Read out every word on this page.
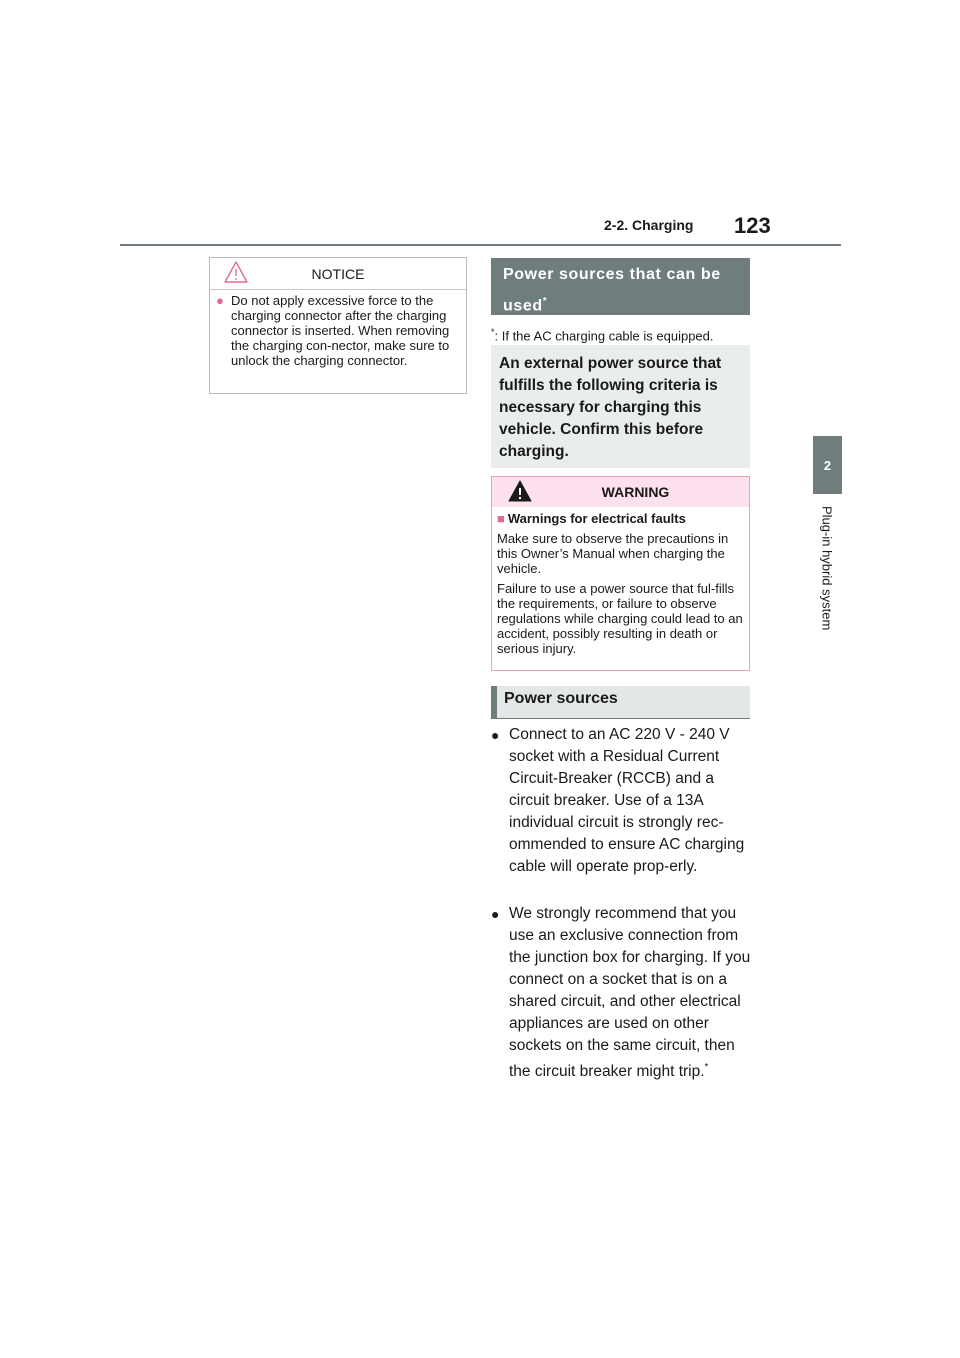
2-2. Charging 123
2
Plug-in hybrid system
NOTICE
● Do not apply excessive force to the charging connector after the charging connector is inserted. When removing the charging con-nector, make sure to unlock the charging connector.
Power sources that can be used*
*: If the AC charging cable is equipped.
An external power source that fulfills the following criteria is necessary for charging this vehicle. Confirm this before charging.
WARNING
■ Warnings for electrical faults

Make sure to observe the precautions in this Owner’s Manual when charging the vehicle.

Failure to use a power source that ful-fills the requirements, or failure to observe regulations while charging could lead to an accident, possibly resulting in death or serious injury.

Power sources
● Connect to an AC 220 V - 240 V socket with a Residual Current Circuit-Breaker (RCCB) and a circuit breaker. Use of a 13A individual circuit is strongly rec-ommended to ensure AC charging cable will operate prop-erly.
● We strongly recommend that you use an exclusive connection from the junction box for charging. If you connect on a socket that is on a shared circuit, and other electrical appliances are used on other sockets on the same circuit, then the circuit breaker might trip.*
